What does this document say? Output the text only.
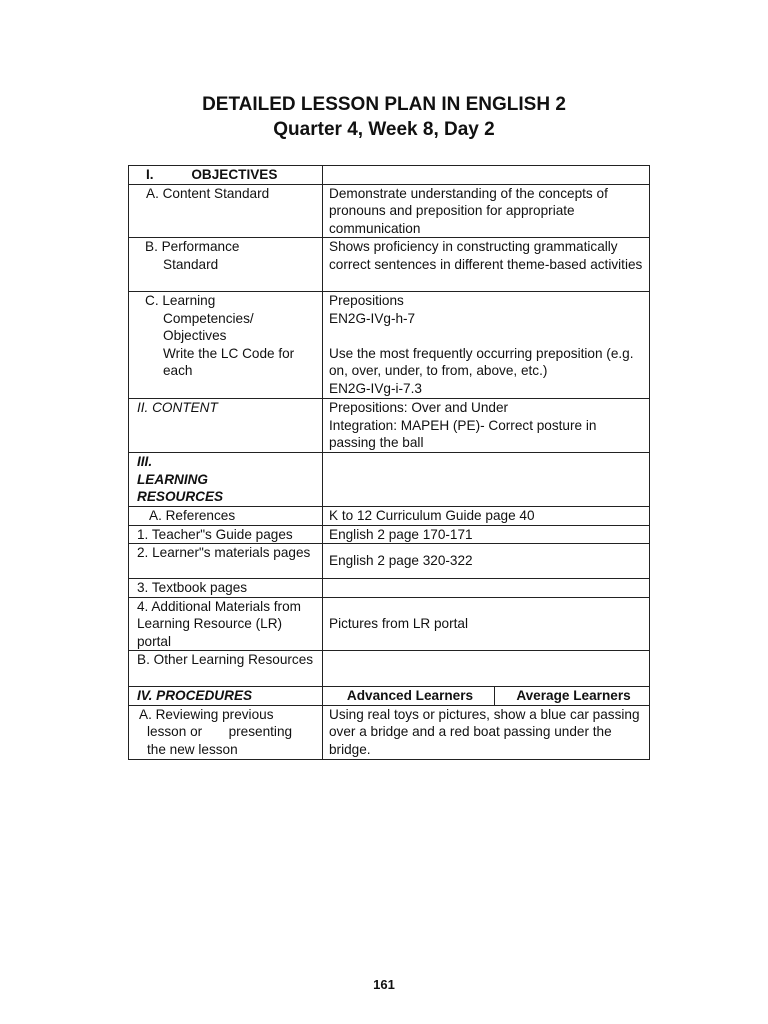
DETAILED LESSON PLAN IN ENGLISH 2
Quarter 4, Week 8, Day 2
I.          OBJECTIVES		
A. Content Standard	Demonstrate understanding of the concepts of pronouns and preposition for appropriate communication	

B. Performance
Standard	Shows proficiency in constructing grammatically correct sentences in different theme-based activities	

C. Learning
Competencies/
Objectives
Write the LC Code for each	Prepositions
EN2G-IVg-h-7
Use the most frequently occurring preposition (e.g. on, over, under, to from, above, etc.)
EN2G-IVg-i-7.3	

II. CONTENT	Prepositions: Over and Under
Integration: MAPEH (PE)- Correct posture in passing the ball	

III.
LEARNING
RESOURCES		

A. References	K to 12 Curriculum Guide page 40	
1. Teacher"s Guide pages	English 2 page 170-171	
2. Learner"s materials pages	English 2 page 320-322	
3. Textbook pages		
4. Additional Materials from Learning Resource (LR) portal	Pictures from LR portal	
B. Other Learning Resources		
IV. PROCEDURES	Advanced Learners	Average Learners

A. Reviewing previous
lesson or       presenting
the new lesson	Using real toys or pictures, show a blue car passing over a bridge and a red boat passing under the bridge.	
161
